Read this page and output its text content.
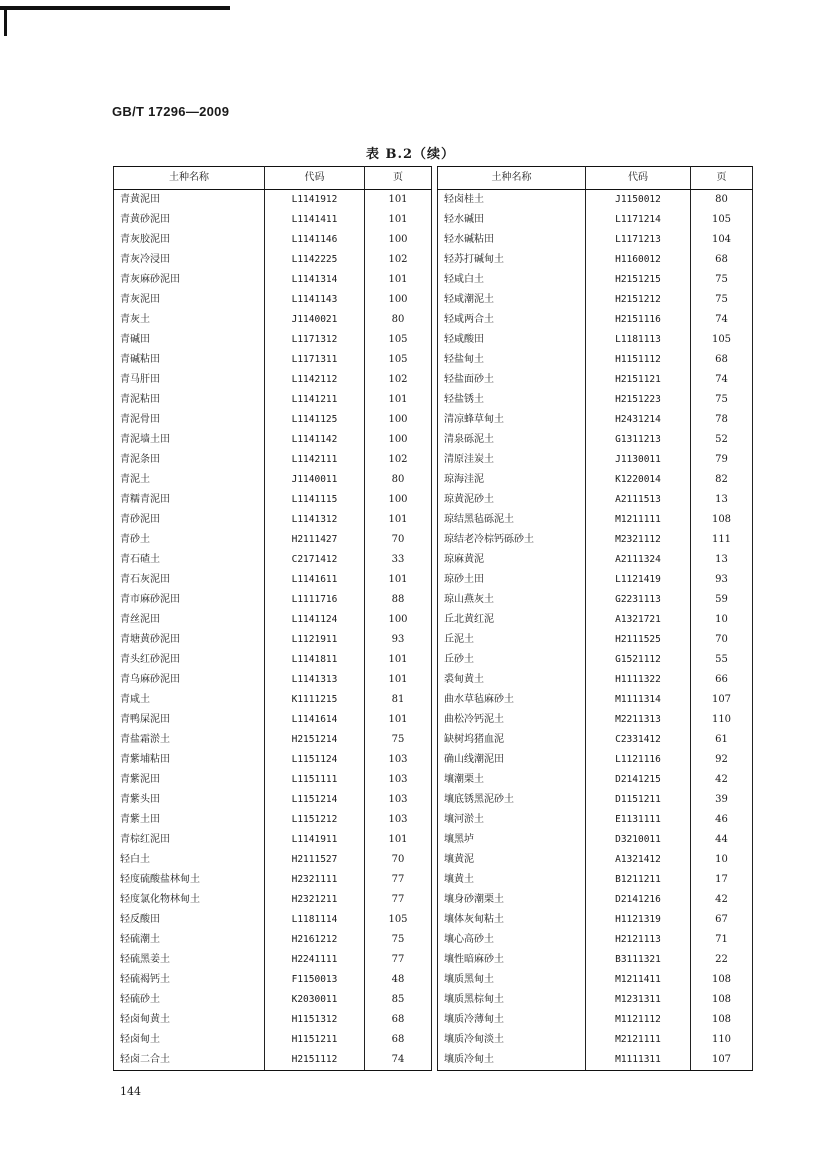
GB/T 17296—2009
表 B.2（续）
土种名称	代码	页
青黄泥田	L1141912	101
青黄砂泥田	L1141411	101
青灰胶泥田	L1141146	100
青灰冷浸田	L1142225	102
青灰麻砂泥田	L1141314	101
青灰泥田	L1141143	100
青灰土	J1140021	80
青碱田	L1171312	105
青碱粘田	L1171311	105
青马肝田	L1142112	102
青泥粘田	L1141211	101
青泥骨田	L1141125	100
青泥墙土田	L1141142	100
青泥条田	L1142111	102
青泥土	J1140011	80
青糯青泥田	L1141115	100
青砂泥田	L1141312	101
青砂土	H2111427	70
青石碴土	C2171412	33
青石灰泥田	L1141611	101
青市麻砂泥田	L1111716	88
青丝泥田	L1141124	100
青塘黄砂泥田	L1121911	93
青头红砂泥田	L1141811	101
青乌麻砂泥田	L1141313	101
青咸土	K1111215	81
青鸭屎泥田	L1141614	101
青盐霜淤土	H2151214	75
青紫埔粘田	L1151124	103
青紫泥田	L1151111	103
青紫头田	L1151214	103
青紫土田	L1151212	103
青棕红泥田	L1141911	101
轻白土	H2111527	70
轻度硫酸盐林甸土	H2321111	77
轻度氯化物林甸土	H2321211	77
轻反酸田	L1181114	105
轻硫潮土	H2161212	75
轻硫黑姜土	H2241111	77
轻硫褐钙土	F1150013	48
轻硫砂土	K2030011	85
轻卤甸黄土	H1151312	68
轻卤甸土	H1151211	68
轻卤二合土	H2151112	74
土种名称	代码	页
轻卤桂土	J1150012	80
轻水碱田	L1171214	105
轻水碱粘田	L1171213	104
轻苏打碱甸土	H1160012	68
轻咸白土	H2151215	75
轻咸潮泥土	H2151212	75
轻咸两合土	H2151116	74
轻咸酸田	L1181113	105
轻盐甸土	H1151112	68
轻盐面砂土	H2151121	74
轻盐锈土	H2151223	75
清凉蜂草甸土	H2431214	78
清泉砾泥土	G1311213	52
清原洼炭土	J1130011	79
琼海洼泥	K1220014	82
琼黄泥砂土	A2111513	13
琼结黑毡砾泥土	M1211111	108
琼结老冷棕钙砾砂土	M2321112	111
琼麻黄泥	A2111324	13
琼砂土田	L1121419	93
琼山燕灰土	G2231113	59
丘北黄红泥	A1321721	10
丘泥土	H2111525	70
丘砂土	G1521112	55
裘甸黄土	H1111322	66
曲水草毡麻砂土	M1111314	107
曲松冷钙泥土	M2211313	110
缺树坞猪血泥	C2331412	61
确山线潮泥田	L1121116	92
壤潮栗土	D2141215	42
壤底锈黑泥砂土	D1151211	39
壤河淤土	E1131111	46
壤黑垆	D3210011	44
壤黄泥	A1321412	10
壤黄土	B1211211	17
壤身砂潮栗土	D2141216	42
壤体灰甸粘土	H1121319	67
壤心高砂土	H2121113	71
壤性暗麻砂土	B3111321	22
壤质黑甸土	M1211411	108
壤质黑棕甸土	M1231311	108
壤质冷薄甸土	M1121112	108
壤质冷甸淡土	M2121111	110
壤质冷甸土	M1111311	107
144
